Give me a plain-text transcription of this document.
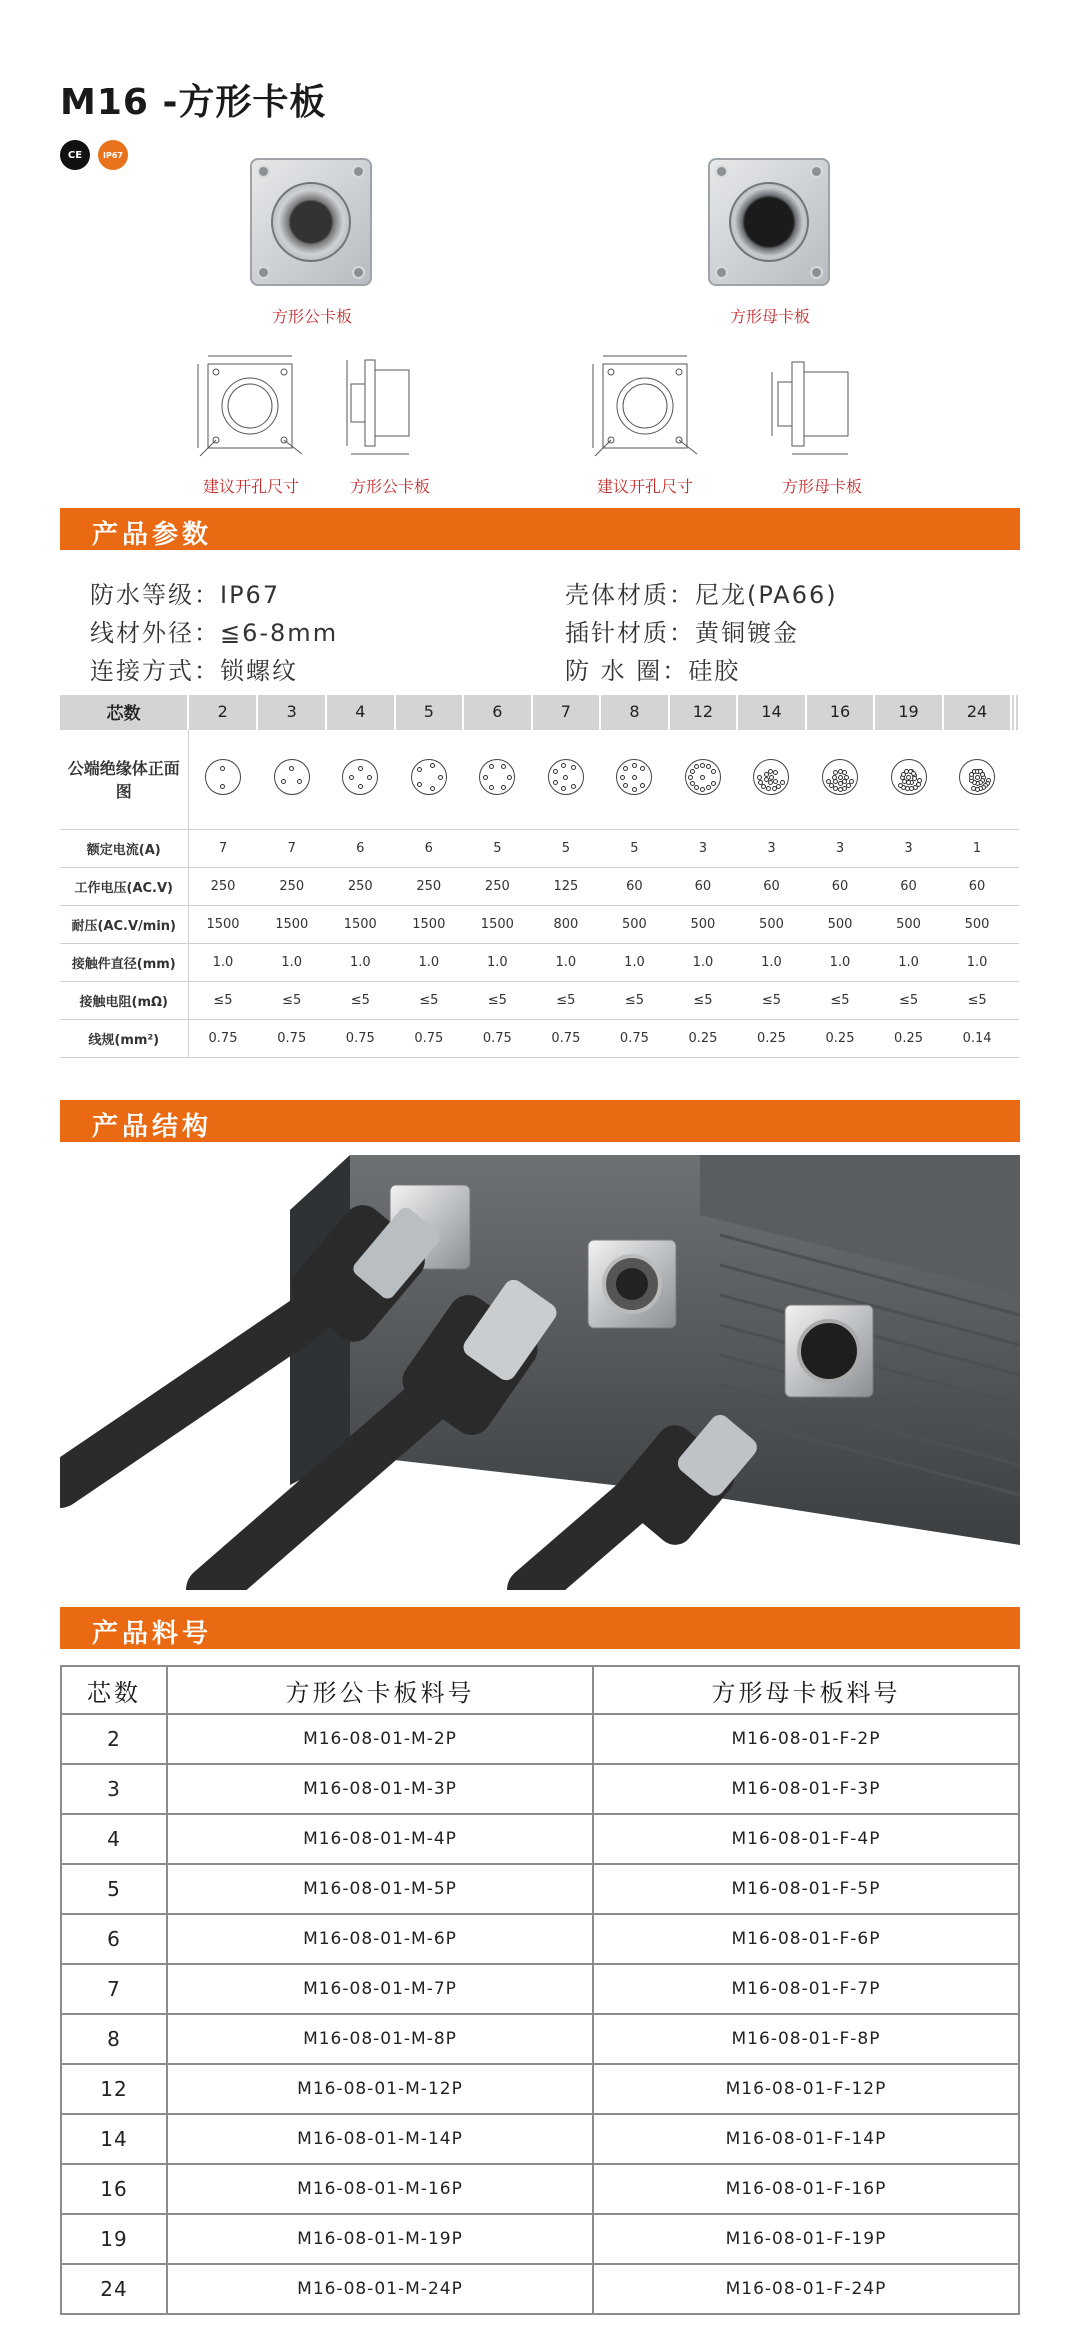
M16 -方形卡板
CE	IP67
方形公卡板	方形母卡板
建议开孔尺寸	方形公卡板	建议开孔尺寸	方形母卡板
产品参数
防水等级：IP67	壳体材质：尼龙(PA66)
线材外径：≦6-8mm	插针材质：黄铜镀金
连接方式：锁螺纹	防 水 圈：硅胶
芯数	2	3	4	5	6	7	8	12	14	16	19	24		
公端绝缘体正面图	

额定电流(A)	7	7	6	6	5	5	5	3	3	3	3	1		
工作电压(AC.V)	250	250	250	250	250	125	60	60	60	60	60	60		
耐压(AC.V/min)	1500	1500	1500	1500	1500	800	500	500	500	500	500	500		
接触件直径(mm)	1.0	1.0	1.0	1.0	1.0	1.0	1.0	1.0	1.0	1.0	1.0	1.0		
接触电阻(mΩ)	≤5	≤5	≤5	≤5	≤5	≤5	≤5	≤5	≤5	≤5	≤5	≤5		
线规(mm²)	0.75	0.75	0.75	0.75	0.75	0.75	0.75	0.25	0.25	0.25	0.25	0.14		
产品结构
产品料号
芯数	方形公卡板料号	方形母卡板料号
2	M16-08-01-M-2P	M16-08-01-F-2P
3	M16-08-01-M-3P	M16-08-01-F-3P
4	M16-08-01-M-4P	M16-08-01-F-4P
5	M16-08-01-M-5P	M16-08-01-F-5P
6	M16-08-01-M-6P	M16-08-01-F-6P
7	M16-08-01-M-7P	M16-08-01-F-7P
8	M16-08-01-M-8P	M16-08-01-F-8P
12	M16-08-01-M-12P	M16-08-01-F-12P
14	M16-08-01-M-14P	M16-08-01-F-14P
16	M16-08-01-M-16P	M16-08-01-F-16P
19	M16-08-01-M-19P	M16-08-01-F-19P
24	M16-08-01-M-24P	M16-08-01-F-24P
